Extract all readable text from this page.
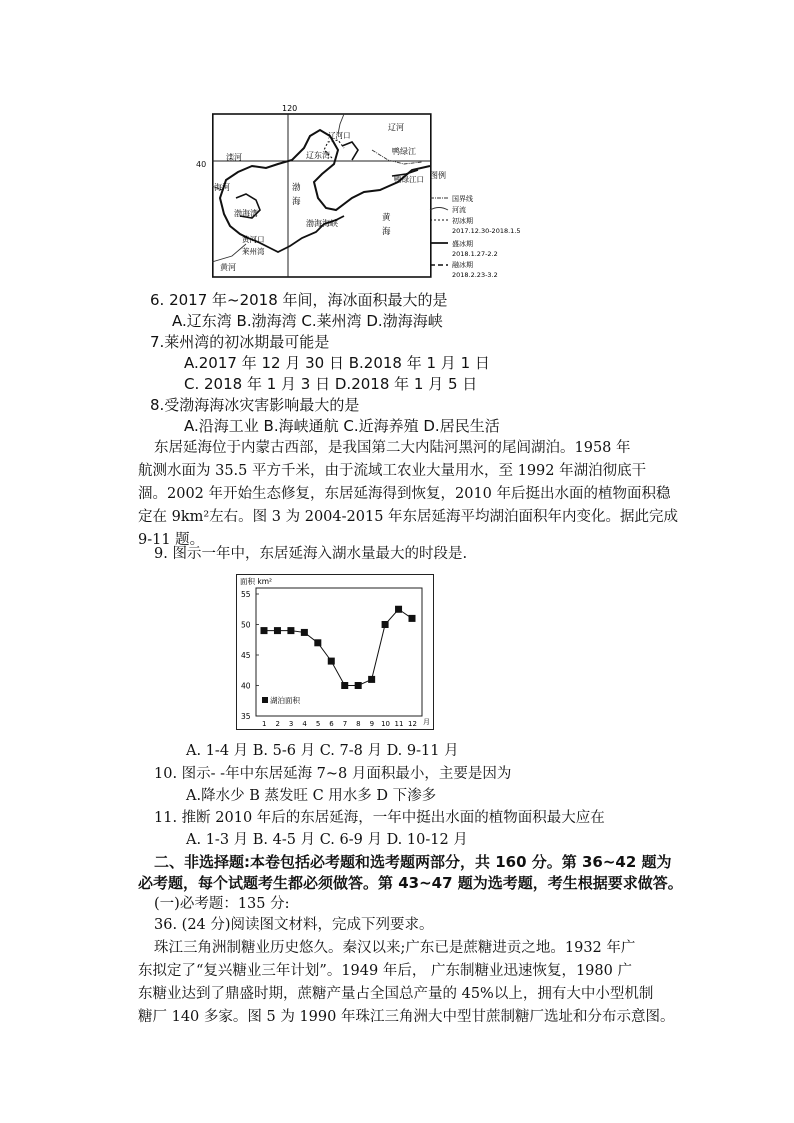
120
辽河
辽河口
鸭绿江
鸭绿江口
滦河	辽东湾
海河	渤
海
渤海湾
渤海海峡
黄
海
黄河口
莱州湾
黄河
图例
国界线
河流
初冰期
2017.12.30-2018.1.5
盛冰期
2018.1.27-2.2
融冰期
2018.2.23-3.2
40
6. 2017 年~2018 年间，海冰面积最大的是
A.辽东湾 B.渤海湾 C.莱州湾 D.渤海海峡
7.莱州湾的初冰期最可能是
A.2017 年 12 月 30 日 B.2018 年 1 月 1 日
C. 2018 年 1 月 3 日 D.2018 年 1 月 5 日
8.受渤海海冰灾害影响最大的是
A.沿海工业 B.海峡通航 C.近海养殖 D.居民生活
东居延海位于内蒙古西部，是我国第二大内陆河黑河的尾闾湖泊。1958 年
航测水面为 35.5 平方千米，由于流域工农业大量用水，至 1992 年湖泊彻底干
涸。2002 年开始生态修复，东居延海得到恢复，2010 年后挺出水面的植物面积稳
定在 9km²左右。图 3 为 2004-2015 年东居延海平均湖泊面积年内变化。据此完成
9-11 题。
9. 图示一年中，东居延海入湖水量最大的时段是.
面积 km²
月
35
40
45
50
55
1 2 3 4 5 6 7 8 9 10 11 12
湖泊面积
A. 1-4 月 B. 5-6 月 C. 7-8 月 D. 9-11 月
10. 图示- -年中东居延海 7~8 月面积最小，主要是因为
A.降水少 B 蒸发旺 C 用水多 D 下渗多
11. 推断 2010 年后的东居延海，一年中挺出水面的植物面积最大应在
A. 1-3 月 B. 4-5 月 C. 6-9 月 D. 10-12 月
二、非选择题:本卷包括必考题和选考题两部分，共 160 分。第 36~42 题为
必考题，每个试题考生都必须做答。第 43~47 题为选考题，考生根据要求做答。
(一)必考题：135 分:
36. (24 分)阅读图文材料，完成下列要求。
珠江三角洲制糖业历史悠久。秦汉以来;广东已是蔗糖进贡之地。1932 年广
东拟定了“复兴糖业三年计划”。1949 年后， 广东制糖业迅速恢复，1980 广
东糖业达到了鼎盛时期，蔗糖产量占全国总产量的 45%以上，拥有大中小型机制
糖厂 140 多家。图 5 为 1990 年珠江三角洲大中型甘蔗制糖厂选址和分布示意图。
